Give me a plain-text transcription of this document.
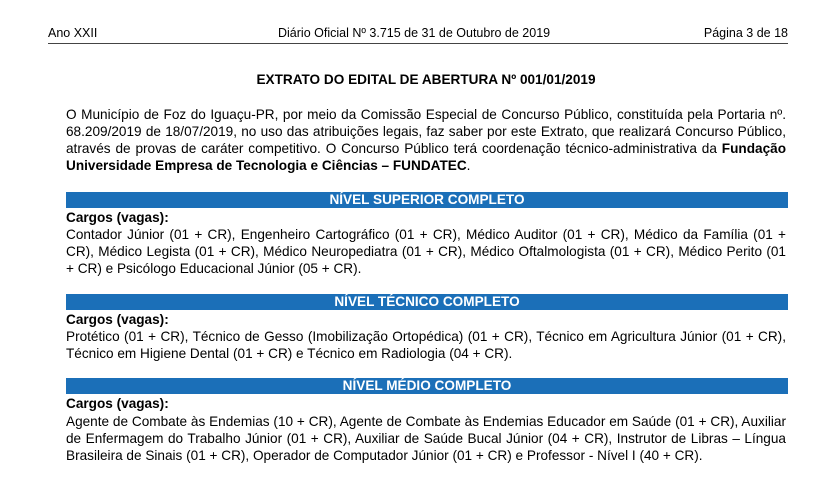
Ano XXII	Diário Oficial Nº 3.715 de 31 de Outubro de 2019	Página 3 de 18
EXTRATO DO EDITAL DE ABERTURA Nº 001/01/2019

O Município de Foz do Iguaçu-PR, por meio da Comissão Especial de Concurso Público, constituída pela Portaria nº. 68.209/2019 de 18/07/2019, no uso das atribuições legais, faz saber por este Extrato, que realizará Concurso Público, através de provas de caráter competitivo. O Concurso Público terá coordenação técnico-administrativa da Fundação Universidade Empresa de Tecnologia e Ciências – FUNDATEC.

NÍVEL SUPERIOR COMPLETO
Cargos (vagas):

Contador Júnior (01 + CR), Engenheiro Cartográfico (01 + CR), Médico Auditor (01 + CR), Médico da Família (01 + CR), Médico Legista (01 + CR), Médico Neuropediatra (01 + CR), Médico Oftalmologista (01 + CR), Médico Perito (01 + CR) e Psicólogo Educacional Júnior (05 + CR).

NÍVEL TÉCNICO COMPLETO
Cargos (vagas):

Protético (01 + CR), Técnico de Gesso (Imobilização Ortopédica) (01 + CR), Técnico em Agricultura Júnior (01 + CR), Técnico em Higiene Dental (01 + CR) e Técnico em Radiologia (04 + CR).

NÍVEL MÉDIO COMPLETO
Cargos (vagas):

Agente de Combate às Endemias (10 + CR), Agente de Combate às Endemias Educador em Saúde (01 + CR), Auxiliar de Enfermagem do Trabalho Júnior (01 + CR), Auxiliar de Saúde Bucal Júnior (04 + CR), Instrutor de Libras – Língua Brasileira de Sinais (01 + CR), Operador de Computador Júnior (01 + CR) e Professor - Nível I (40 + CR).
